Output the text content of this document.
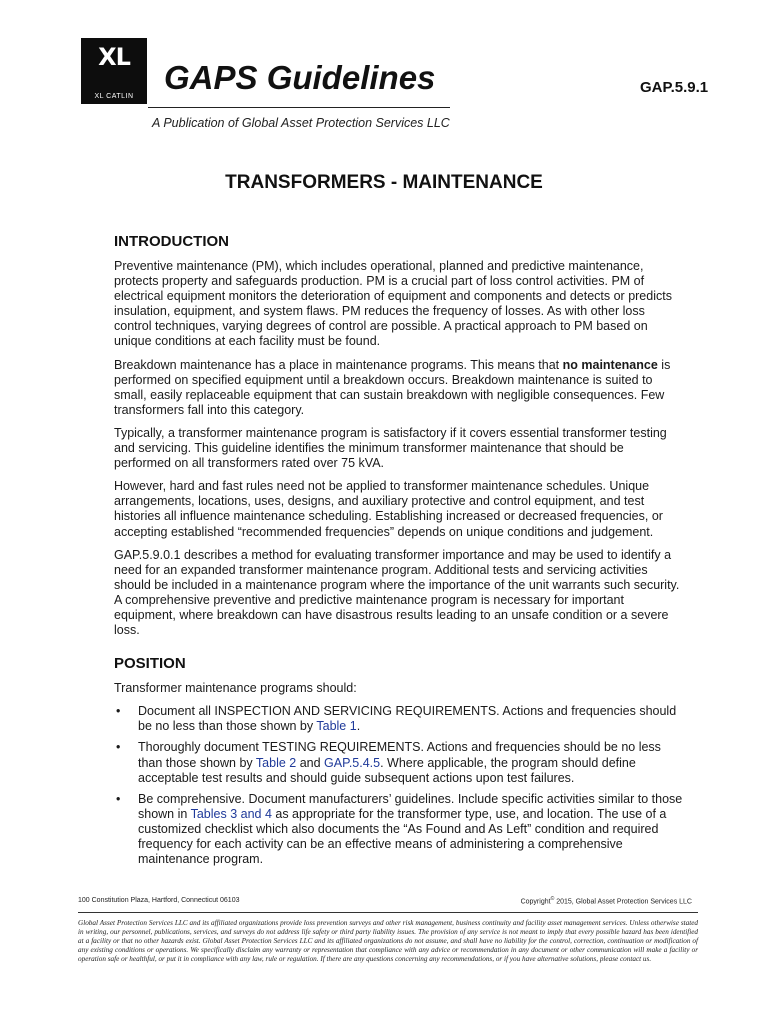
XL
XL CATLIN
GAPS Guidelines	GAP.5.9.1
A Publication of Global Asset Protection Services LLC
TRANSFORMERS - MAINTENANCE
INTRODUCTION

Preventive maintenance (PM), which includes operational, planned and predictive maintenance, protects property and safeguards production. PM is a crucial part of loss control activities. PM of electrical equipment monitors the deterioration of equipment and components and detects or predicts insulation, equipment, and system flaws. PM reduces the frequency of losses. As with other loss control techniques, varying degrees of control are possible. A practical approach to PM based on unique conditions at each facility must be found.

Breakdown maintenance has a place in maintenance programs. This means that no maintenance is performed on specified equipment until a breakdown occurs. Breakdown maintenance is suited to small, easily replaceable equipment that can sustain breakdown with negligible consequences. Few transformers fall into this category.

Typically, a transformer maintenance program is satisfactory if it covers essential transformer testing and servicing. This guideline identifies the minimum transformer maintenance that should be performed on all transformers rated over 75 kVA.

However, hard and fast rules need not be applied to transformer maintenance schedules. Unique arrangements, locations, uses, designs, and auxiliary protective and control equipment, and test histories all influence maintenance scheduling. Establishing increased or decreased frequencies, or accepting established “recommended frequencies” depends on unique conditions and judgement.

GAP.5.9.0.1 describes a method for evaluating transformer importance and may be used to identify a need for an expanded transformer maintenance program. Additional tests and servicing activities should be included in a maintenance program where the importance of the unit warrants such security. A comprehensive preventive and predictive maintenance program is necessary for important equipment, where breakdown can have disastrous results leading to an unsafe condition or a severe loss.

POSITION

Transformer maintenance programs should:

• Document all INSPECTION AND SERVICING REQUIREMENTS. Actions and frequencies should be no less than those shown by Table 1.
• Thoroughly document TESTING REQUIREMENTS. Actions and frequencies should be no less than those shown by Table 2 and GAP.5.4.5. Where applicable, the program should define acceptable test results and should guide subsequent actions upon test failures.
• Be comprehensive. Document manufacturers’ guidelines. Include specific activities similar to those shown in Tables 3 and 4 as appropriate for the transformer type, use, and location. The use of a customized checklist which also documents the “As Found and As Left” condition and required frequency for each activity can be an effective means of administering a comprehensive maintenance program.
100 Constitution Plaza, Hartford, Connecticut 06103	Copyright© 2015, Global Asset Protection Services LLC
Global Asset Protection Services LLC and its affiliated organizations provide loss prevention surveys and other risk management, business continuity and facility asset management services. Unless otherwise stated in writing, our personnel, publications, services, and surveys do not address life safety or third party liability issues. The provision of any service is not meant to imply that every possible hazard has been identified at a facility or that no other hazards exist. Global Asset Protection Services LLC and its affiliated organizations do not assume, and shall have no liability for the control, correction, continuation or modification of any existing conditions or operations. We specifically disclaim any warranty or representation that compliance with any advice or recommendation in any document or other communication will make a facility or operation safe or healthful, or put it in compliance with any law, rule or regulation. If there are any questions concerning any recommendations, or if you have alternative solutions, please contact us.
